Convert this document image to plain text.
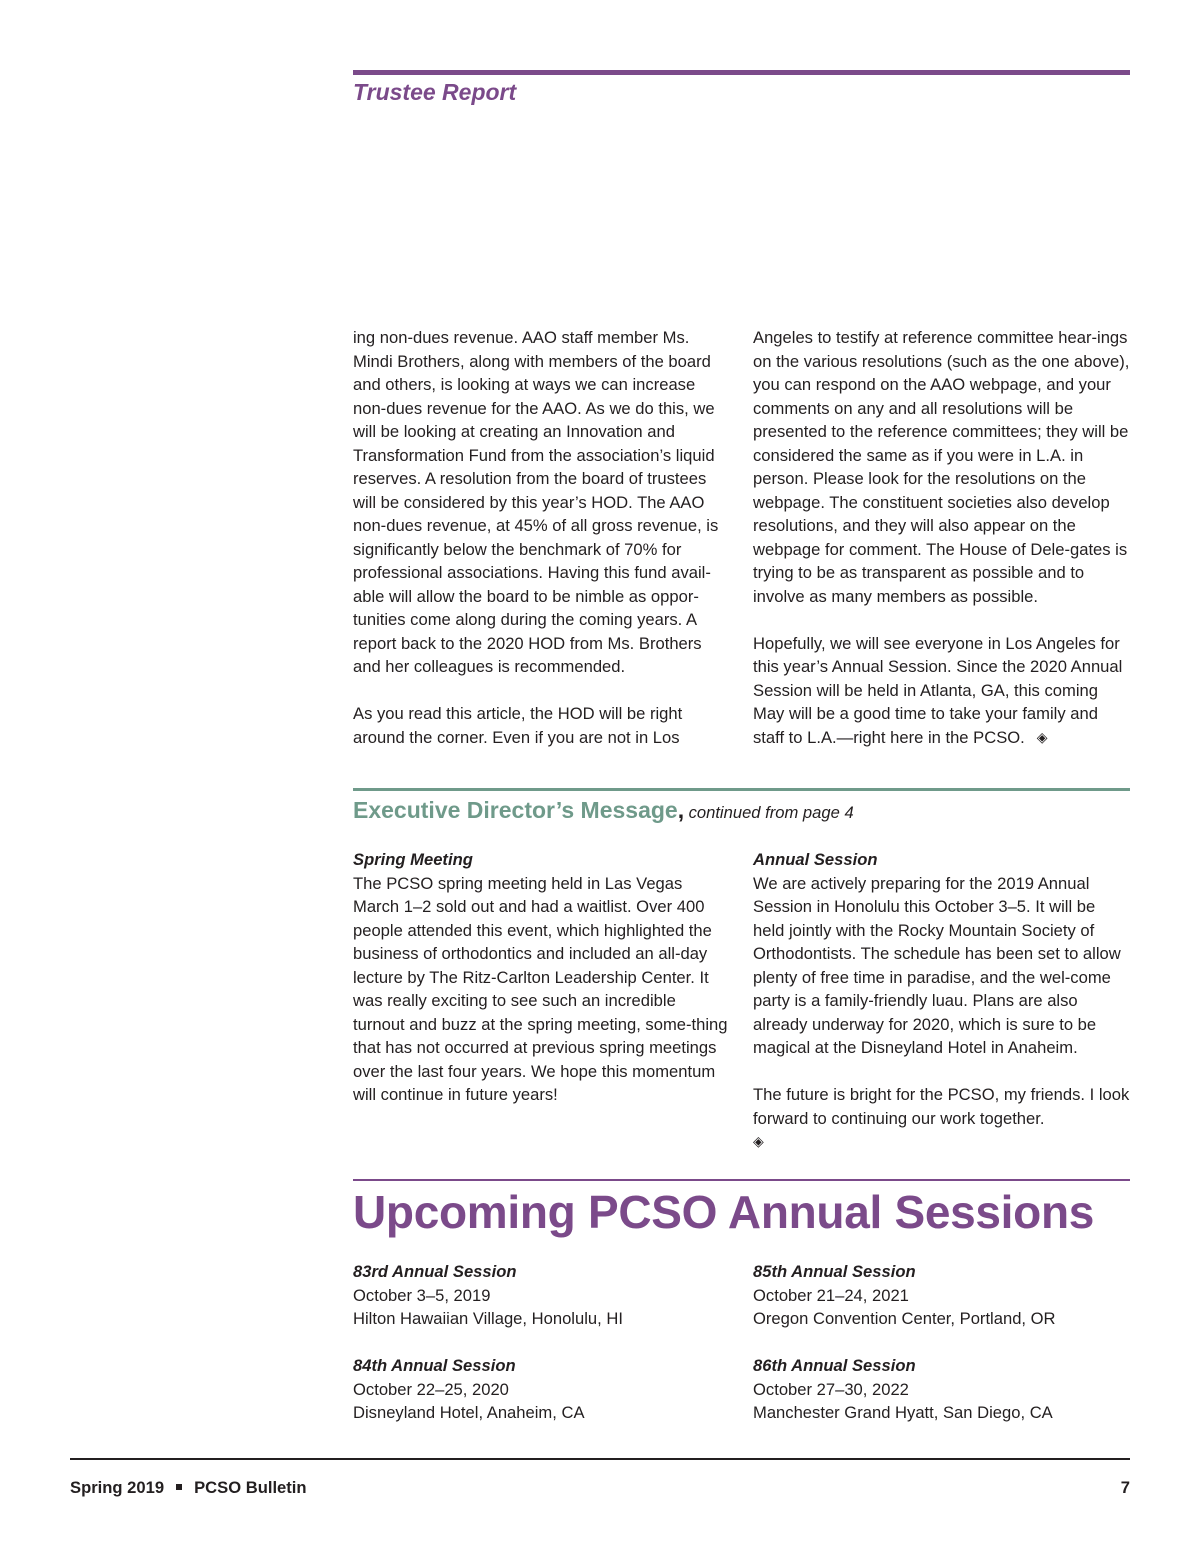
Trustee Report

ing non-dues revenue. AAO staff member Ms. Mindi Brothers, along with members of the board and others, is looking at ways we can increase non-dues revenue for the AAO. As we do this, we will be looking at creating an Innovation and Transformation Fund from the association’s liquid reserves. A resolution from the board of trustees will be considered by this year’s HOD. The AAO non-dues revenue, at 45% of all gross revenue, is significantly below the benchmark of 70% for professional associations. Having this fund avail-able will allow the board to be nimble as oppor-tunities come along during the coming years. A report back to the 2020 HOD from Ms. Brothers and her colleagues is recommended.

As you read this article, the HOD will be right around the corner. Even if you are not in Los

Angeles to testify at reference committee hear-ings on the various resolutions (such as the one above), you can respond on the AAO webpage, and your comments on any and all resolutions will be presented to the reference committees; they will be considered the same as if you were in L.A. in person. Please look for the resolutions on the webpage. The constituent societies also develop resolutions, and they will also appear on the webpage for comment. The House of Dele-gates is trying to be as transparent as possible and to involve as many members as possible.

Hopefully, we will see everyone in Los Angeles for this year’s Annual Session. Since the 2020 Annual Session will be held in Atlanta, GA, this coming May will be a good time to take your family and staff to L.A.—right here in the PCSO. ◈

Executive Director’s Message, continued from page 4
Spring Meeting

The PCSO spring meeting held in Las Vegas March 1–2 sold out and had a waitlist. Over 400 people attended this event, which highlighted the business of orthodontics and included an all-day lecture by The Ritz-Carlton Leadership Center. It was really exciting to see such an incredible turnout and buzz at the spring meeting, some-thing that has not occurred at previous spring meetings over the last four years. We hope this momentum will continue in future years!

Annual Session

We are actively preparing for the 2019 Annual Session in Honolulu this October 3–5. It will be held jointly with the Rocky Mountain Society of Orthodontists. The schedule has been set to allow plenty of free time in paradise, and the wel-come party is a family-friendly luau. Plans are also already underway for 2020, which is sure to be magical at the Disneyland Hotel in Anaheim.

The future is bright for the PCSO, my friends. I look forward to continuing our work together.

◈
Upcoming PCSO Annual Sessions
83rd Annual Session
October 3–5, 2019
Hilton Hawaiian Village, Honolulu, HI
84th Annual Session
October 22–25, 2020
Disneyland Hotel, Anaheim, CA
85th Annual Session
October 21–24, 2021
Oregon Convention Center, Portland, OR
86th Annual Session
October 27–30, 2022
Manchester Grand Hyatt, San Diego, CA
Spring 2019 PCSO Bulletin	7
